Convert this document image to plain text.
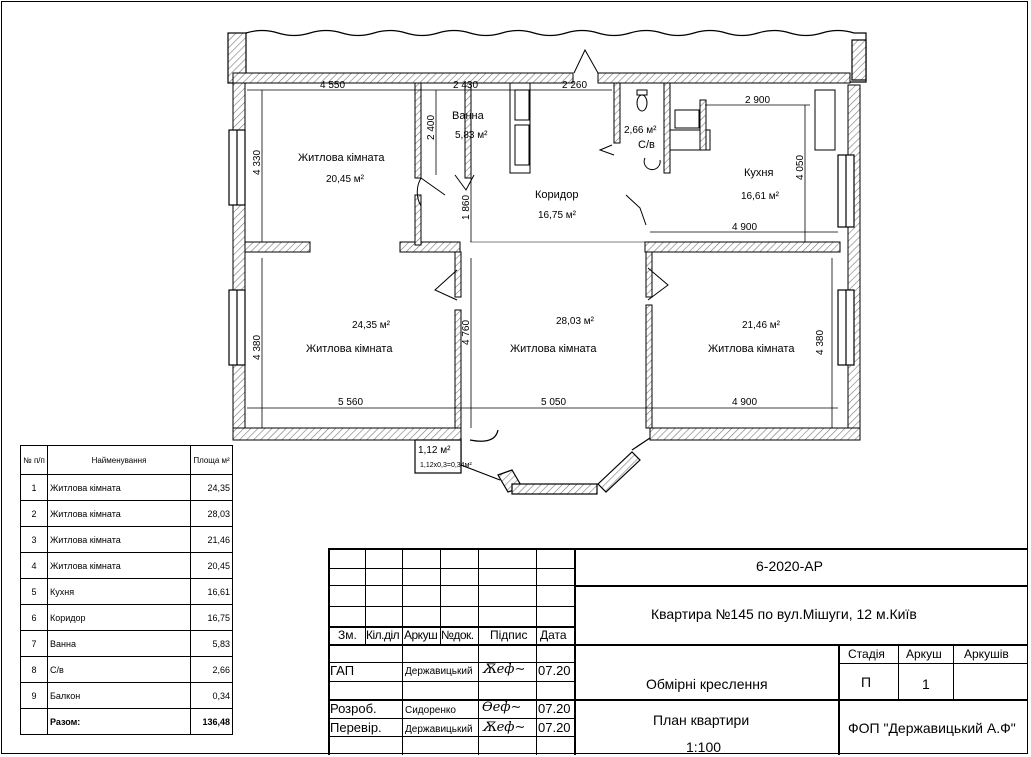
4 550	2 430	2 260
2 900
4 330
2 400
1 860
4 050
4 900
4 380
4 760	4 380
5 560	5 050	4 900
Житлова кімната
20,45 м²
Ванна
5,83 м²	2,66 м²
С/в
Коридор
16,75 м²
Кухня
16,61 м²
24,35 м²
Житлова кімната
28,03 м²
Житлова кімната
21,46 м²
Житлова кімната
1,12 м²
1,12х0,3=0,34м²
№ п/п	Найменування	Площа м²
1	Житлова кімната	24,35
2	Житлова кімната	28,03
3	Житлова кімната	21,46
4	Житлова кімната	20,45
5	Кухня	16,61
6	Коридор	16,75
7	Ванна	5,83
8	С/в	2,66
9	Балкон	0,34
	Разом:	136,48
Зм. Кіл.діл Аркуш №док. Підпис Дата
ГАП	Державицький Ѫеф∼ 07.20
Розроб.	Сидоренко Ѳеф∼ 07.20
Перевір. Державицький Ѫеф∼ 07.20
6-2020-АР
Квартира №145 по вул.Мішуги, 12 м.Київ
Обмірні креслення
План квартири
1:100
Стадія Аркуш Аркушів
П	1
ФОП "Державицький А.Ф"
